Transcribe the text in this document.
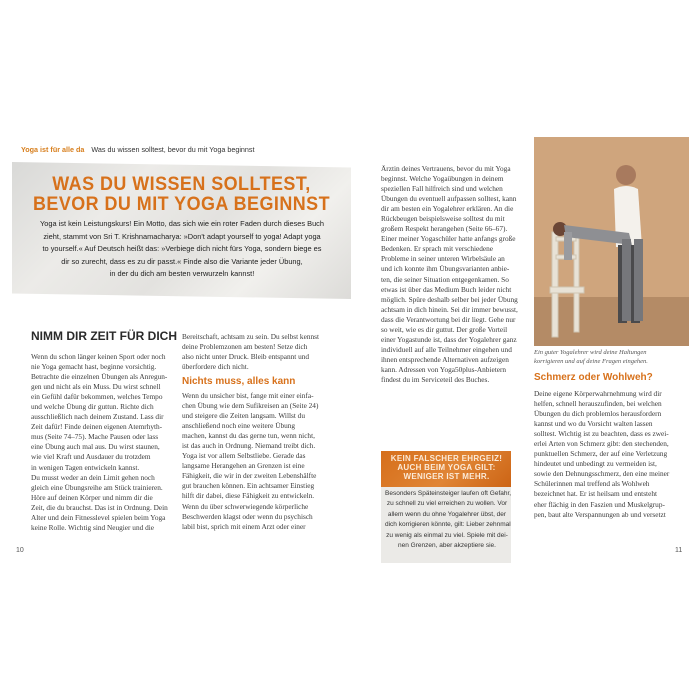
Yoga ist für alle da Was du wissen solltest, bevor du mit Yoga beginnst
WAS DU WISSEN SOLLTEST,
BEVOR DU MIT YOGA BEGINNST
Yoga ist kein Leistungskurs! Ein Motto, das sich wie ein roter Faden durch dieses Buch
zieht, stammt von Sri T. Krishnamacharya: »Don't adapt yourself to yoga! Adapt yoga
to yourself.« Auf Deutsch heißt das: »Verbiege dich nicht fürs Yoga, sondern biege es
dir so zurecht, dass es zu dir passt.« Finde also die Variante jeder Übung,
in der du dich am besten verwurzeln kannst!
NIMM DIR ZEIT FÜR DICH
Wenn du schon länger keinen Sport oder noch
nie Yoga gemacht hast, beginne vorsichtig.
Betrachte die einzelnen Übungen als Anregun-
gen und nicht als ein Muss. Du wirst schnell
ein Gefühl dafür bekommen, welches Tempo
und welche Übung dir guttun. Richte dich
ausschließlich nach deinem Zustand. Lass dir
Zeit dafür! Finde deinen eigenen Atemrhyth-
mus (Seite 74–75). Mache Pausen oder lass
eine Übung auch mal aus. Du wirst staunen,
wie viel Kraft und Ausdauer du trotzdem
in wenigen Tagen entwickeln kannst.
Du musst weder an dein Limit gehen noch
gleich eine Übungsreihe am Stück trainieren.
Höre auf deinen Körper und nimm dir die
Zeit, die du brauchst. Das ist in Ordnung. Dein
Alter und dein Fitnesslevel spielen beim Yoga
keine Rolle. Wichtig sind Neugier und die
Bereitschaft, achtsam zu sein. Du selbst kennst
deine Problemzonen am besten! Setze dich
also nicht unter Druck. Bleib entspannt und
überfordere dich nicht.
Nichts muss, alles kann
Wenn du unsicher bist, fange mit einer einfa-
chen Übung wie dem Sufikreisen an (Seite 24)
und steigere die Zeiten langsam. Willst du
anschließend noch eine weitere Übung
machen, kannst du das gerne tun, wenn nicht,
ist das auch in Ordnung. Niemand treibt dich.
Yoga ist vor allem Selbstliebe. Gerade das
langsame Herangehen an Grenzen ist eine
Fähigkeit, die wir in der zweiten Lebenshälfte
gut brauchen können. Ein achtsamer Einstieg
hilft dir dabei, diese Fähigkeit zu entwickeln.
Wenn du über schwerwiegende körperliche
Beschwerden klagst oder wenn du psychisch
labil bist, sprich mit einem Arzt oder einer
Ärztin deines Vertrauens, bevor du mit Yoga
beginnst. Welche Yogaübungen in deinem
speziellen Fall hilfreich sind und welchen
Übungen du eventuell aufpassen solltest, kann
dir am besten ein Yogalehrer erklären. An die
Rückbeugen beispielsweise solltest du mit
großem Respekt herangehen (Seite 66–67).
Einer meiner Yogaschüler hatte anfangs große
Bedenken. Er sprach mit verschiedene
Probleme in seiner unteren Wirbelsäule an
und ich konnte ihm Übungsvarianten anbie-
ten, die seiner Situation entgegenkamen. So
etwas ist über das Medium Buch leider nicht
möglich. Spüre deshalb selber bei jeder Übung
achtsam in dich hinein. Sei dir immer bewusst,
dass die Verantwortung bei dir liegt. Gehe nur
so weit, wie es dir guttut. Der große Vorteil
einer Yogastunde ist, dass der Yogalehrer ganz
individuell auf alle Teilnehmer eingehen und
ihnen entsprechende Alternativen aufzeigen
kann. Adressen von Yoga50plus-Anbietern
findest du im Serviceteil des Buches.
KEIN FALSCHER EHRGEIZ!
AUCH BEIM YOGA GILT:
WENIGER IST MEHR.
Besonders Späteinsteiger laufen oft Gefahr,
zu schnell zu viel erreichen zu wollen. Vor
allem wenn du ohne Yogalehrer übst, der
dich korrigieren könnte, gilt: Lieber zehnmal
zu wenig als einmal zu viel. Spiele mit dei-
nen Grenzen, aber akzeptiere sie.
Ein guter Yogalehrer wird deine Haltungen
korrigieren und auf deine Fragen eingehen.
Schmerz oder Wohlweh?
Deine eigene Körperwahrnehmung wird dir
helfen, schnell herauszufinden, bei welchen
Übungen du dich problemlos herausfordern
kannst und wo du Vorsicht walten lassen
solltest. Wichtig ist zu beachten, dass es zwei-
erlei Arten von Schmerz gibt: den stechenden,
punktuellen Schmerz, der auf eine Verletzung
hindeutet und unbedingt zu vermeiden ist,
sowie den Dehnungsschmerz, den eine meiner
Schülerinnen mal treffend als Wohlweh
bezeichnet hat. Er ist heilsam und entsteht
eher flächig in den Faszien und Muskelgrup-
pen, baut alte Verspannungen ab und versetzt
10	11
